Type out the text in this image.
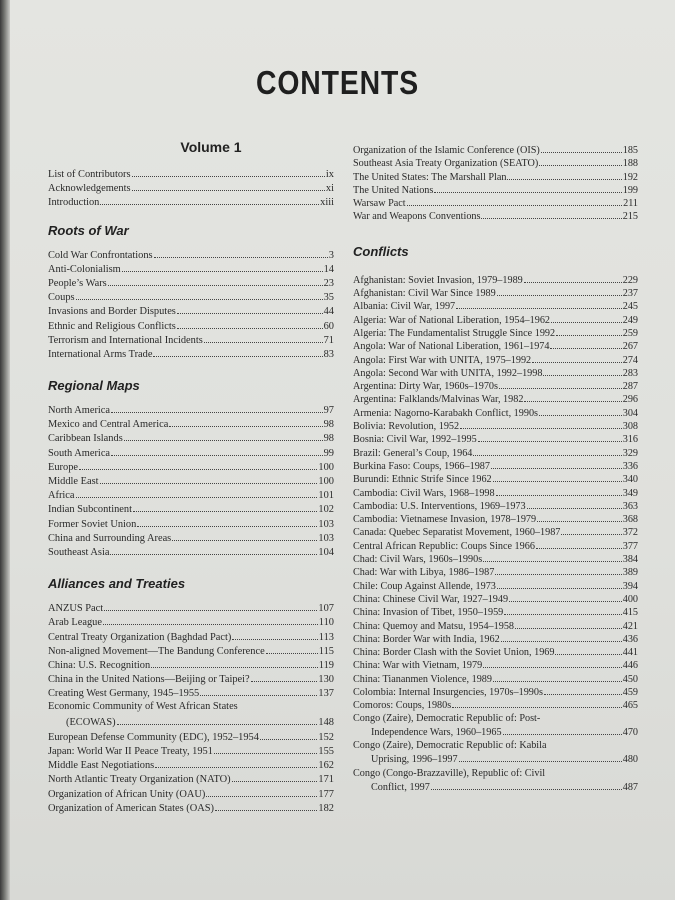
CONTENTS
Volume 1
List of Contributors	ix
Acknowledgements	xi
Introduction	xiii
Roots of War
Cold War Confrontations	3
Anti-Colonialism	14
People’s Wars	23
Coups	35
Invasions and Border Disputes	44
Ethnic and Religious Conflicts	60
Terrorism and International Incidents	71
International Arms Trade	83
Regional Maps
North America	97
Mexico and Central America	98
Caribbean Islands	98
South America	99
Europe	100
Middle East	100
Africa	101
Indian Subcontinent	102
Former Soviet Union	103
China and Surrounding Areas	103
Southeast Asia	104
Alliances and Treaties
ANZUS Pact	107
Arab League	110
Central Treaty Organization (Baghdad Pact)	113
Non-aligned Movement—The Bandung Conference	115
China: U.S. Recognition	119
China in the United Nations—Beijing or Taipei?	130
Creating West Germany, 1945–1955	137
Economic Community of West African States
(ECOWAS)	148
European Defense Community (EDC), 1952–1954	152
Japan: World War II Peace Treaty, 1951	155
Middle East Negotiations	162
North Atlantic Treaty Organization (NATO)	171
Organization of African Unity (OAU)	177
Organization of American States (OAS)	182
Organization of the Islamic Conference (OIS)	185
Southeast Asia Treaty Organization (SEATO)	188
The United States: The Marshall Plan	192
The United Nations	199
Warsaw Pact	211
War and Weapons Conventions	215
Conflicts
Afghanistan: Soviet Invasion, 1979–1989	229
Afghanistan: Civil War Since 1989	237
Albania: Civil War, 1997	245
Algeria: War of National Liberation, 1954–1962	249
Algeria: The Fundamentalist Struggle Since 1992	259
Angola: War of National Liberation, 1961–1974	267
Angola: First War with UNITA, 1975–1992	274
Angola: Second War with UNITA, 1992–1998	283
Argentina: Dirty War, 1960s–1970s	287
Argentina: Falklands/Malvinas War, 1982	296
Armenia: Nagorno-Karabakh Conflict, 1990s	304
Bolivia: Revolution, 1952	308
Bosnia: Civil War, 1992–1995	316
Brazil: General’s Coup, 1964	329
Burkina Faso: Coups, 1966–1987	336
Burundi: Ethnic Strife Since 1962	340
Cambodia: Civil Wars, 1968–1998	349
Cambodia: U.S. Interventions, 1969–1973	363
Cambodia: Vietnamese Invasion, 1978–1979	368
Canada: Quebec Separatist Movement, 1960–1987	372
Central African Republic: Coups Since 1966	377
Chad: Civil Wars, 1960s–1990s	384
Chad: War with Libya, 1986–1987	389
Chile: Coup Against Allende, 1973	394
China: Chinese Civil War, 1927–1949	400
China: Invasion of Tibet, 1950–1959	415
China: Quemoy and Matsu, 1954–1958	421
China: Border War with India, 1962	436
China: Border Clash with the Soviet Union, 1969	441
China: War with Vietnam, 1979	446
China: Tiananmen Violence, 1989	450
Colombia: Internal Insurgencies, 1970s–1990s	459
Comoros: Coups, 1980s	465
Congo (Zaire), Democratic Republic of: Post-
Independence Wars, 1960–1965	470
Congo (Zaire), Democratic Republic of: Kabila
Uprising, 1996–1997	480
Congo (Congo-Brazzaville), Republic of: Civil
Conflict, 1997	487
